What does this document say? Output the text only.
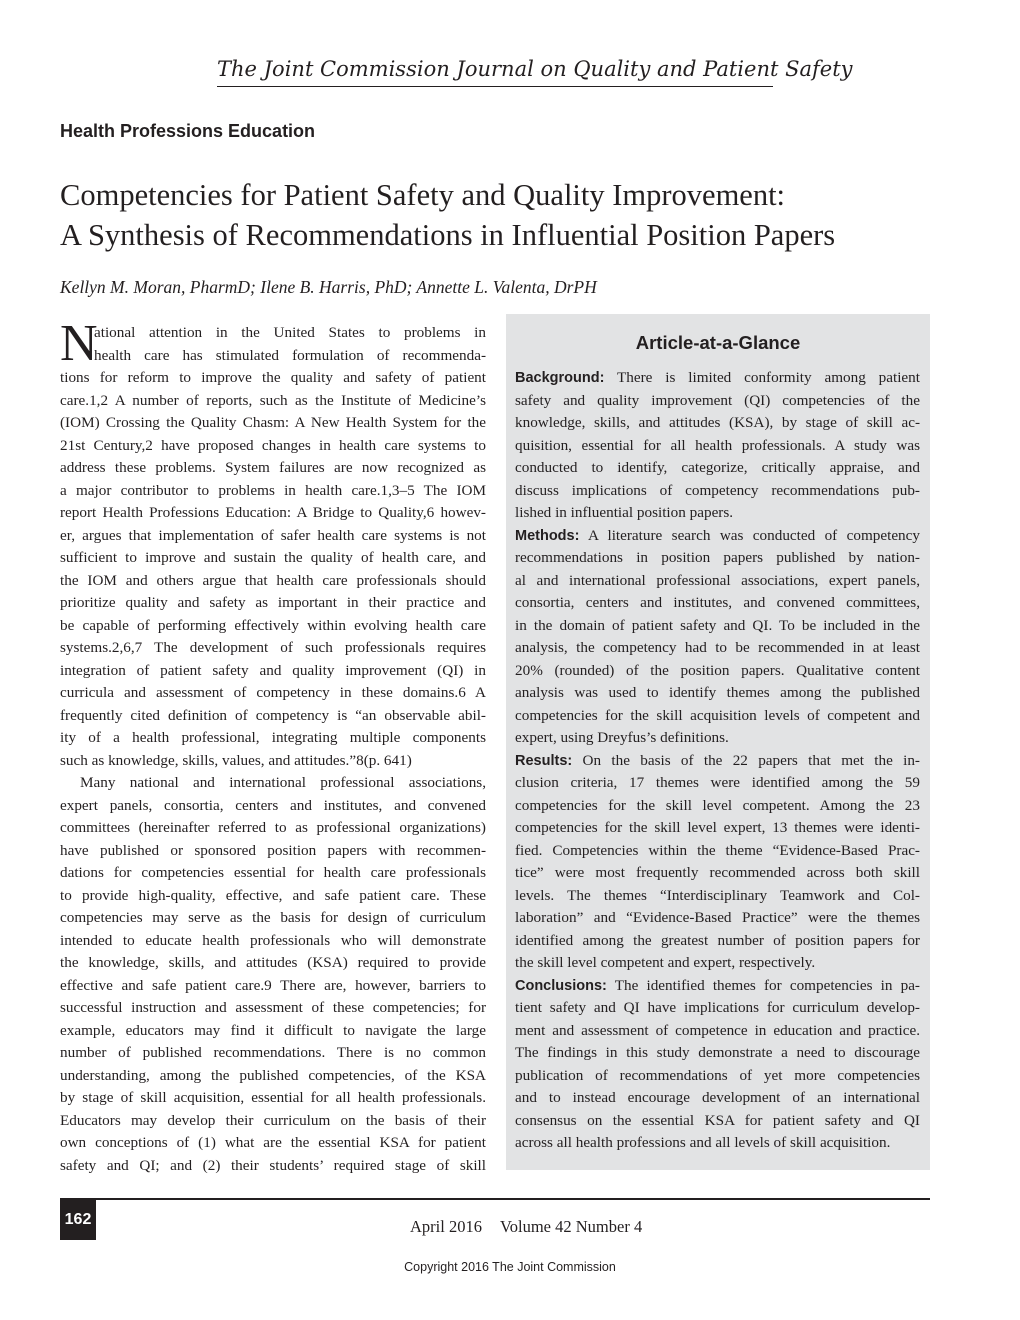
The Joint Commission Journal on Quality and Patient Safety
Health Professions Education
Competencies for Patient Safety and Quality Improvement:
A Synthesis of Recommendations in Influential Position Papers
Kellyn M. Moran, PharmD; Ilene B. Harris, PhD; Annette L. Valenta, DrPH
N
ational attention in the United States to problems in
health care has stimulated formulation of recommenda-
tions for reform to improve the quality and safety of patient
care.1,2 A number of reports, such as the Institute of Medicine’s
(IOM) Crossing the Quality Chasm: A New Health System for the
21st Century,2 have proposed changes in health care systems to
address these problems. System failures are now recognized as
a major contributor to problems in health care.1,3–5 The IOM
report Health Professions Education: A Bridge to Quality,6 howev-
er, argues that implementation of safer health care systems is not
sufficient to improve and sustain the quality of health care, and
the IOM and others argue that health care professionals should
prioritize quality and safety as important in their practice and
be capable of performing effectively within evolving health care
systems.2,6,7 The development of such professionals requires
integration of patient safety and quality improvement (QI) in
curricula and assessment of competency in these domains.6 A
frequently cited definition of competency is “an observable abil-
ity of a health professional, integrating multiple components
such as knowledge, skills, values, and attitudes.”8(p. 641)
Many national and international professional associations,
expert panels, consortia, centers and institutes, and convened
committees (hereinafter referred to as professional organizations)
have published or sponsored position papers with recommen-
dations for competencies essential for health care professionals
to provide high-quality, effective, and safe patient care. These
competencies may serve as the basis for design of curriculum
intended to educate health professionals who will demonstrate
the knowledge, skills, and attitudes (KSA) required to provide
effective and safe patient care.9 There are, however, barriers to
successful instruction and assessment of these competencies; for
example, educators may find it difficult to navigate the large
number of published recommendations. There is no common
understanding, among the published competencies, of the KSA
by stage of skill acquisition, essential for all health professionals.
Educators may develop their curriculum on the basis of their
own conceptions of (1) what are the essential KSA for patient
safety and QI; and (2) their students’ required stage of skill
Article-at-a-Glance
Background: There is limited conformity among patient
safety and quality improvement (QI) competencies of the
knowledge, skills, and attitudes (KSA), by stage of skill ac-
quisition, essential for all health professionals. A study was
conducted to identify, categorize, critically appraise, and
discuss implications of competency recommendations pub-
lished in influential position papers.
Methods: A literature search was conducted of competency
recommendations in position papers published by nation-
al and international professional associations, expert panels,
consortia, centers and institutes, and convened committees,
in the domain of patient safety and QI. To be included in the
analysis, the competency had to be recommended in at least
20% (rounded) of the position papers. Qualitative content
analysis was used to identify themes among the published
competencies for the skill acquisition levels of competent and
expert, using Dreyfus’s definitions.
Results: On the basis of the 22 papers that met the in-
clusion criteria, 17 themes were identified among the 59
competencies for the skill level competent. Among the 23
competencies for the skill level expert, 13 themes were identi-
fied. Competencies within the theme “Evidence-Based Prac-
tice” were most frequently recommended across both skill
levels. The themes “Interdisciplinary Teamwork and Col-
laboration” and “Evidence-Based Practice” were the themes
identified among the greatest number of position papers for
the skill level competent and expert, respectively.
Conclusions: The identified themes for competencies in pa-
tient safety and QI have implications for curriculum develop-
ment and assessment of competence in education and practice.
The findings in this study demonstrate a need to discourage
publication of recommendations of yet more competencies
and to instead encourage development of an international
consensus on the essential KSA for patient safety and QI
across all health professions and all levels of skill acquisition.
162	April 2016 Volume 42 Number 4
Copyright 2016 The Joint Commission
